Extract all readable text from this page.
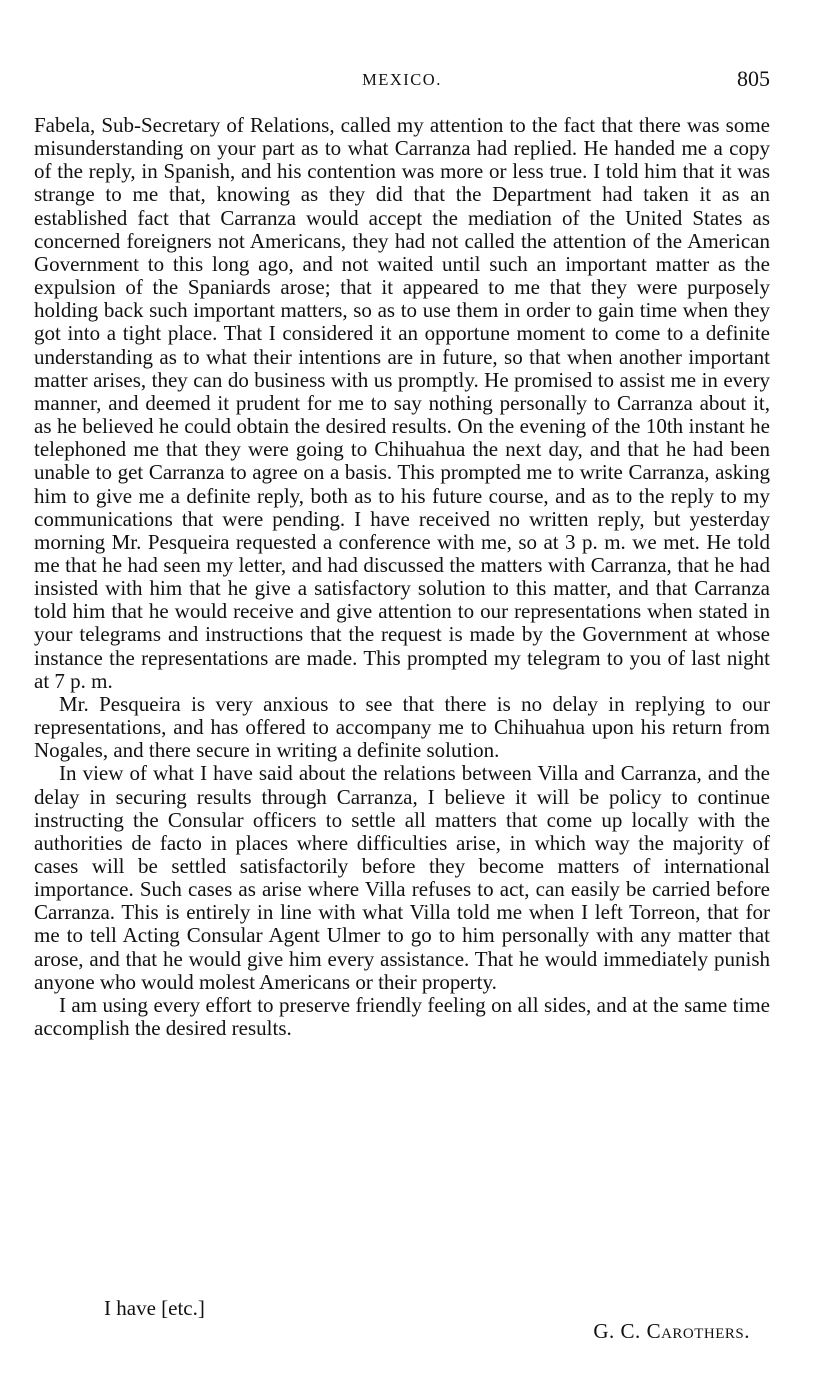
MEXICO.	805

Fabela, Sub-Secretary of Relations, called my attention to the fact that there was some misunderstanding on your part as to what Carranza had replied. He handed me a copy of the reply, in Spanish, and his contention was more or less true. I told him that it was strange to me that, knowing as they did that the Department had taken it as an established fact that Carranza would accept the mediation of the United States as concerned foreigners not Americans, they had not called the attention of the American Government to this long ago, and not waited until such an important matter as the expulsion of the Spaniards arose; that it appeared to me that they were purposely holding back such important matters, so as to use them in order to gain time when they got into a tight place. That I considered it an opportune moment to come to a definite understanding as to what their intentions are in future, so that when another important matter arises, they can do business with us promptly. He promised to assist me in every manner, and deemed it prudent for me to say nothing personally to Carranza about it, as he believed he could obtain the desired results. On the evening of the 10th instant he telephoned me that they were going to Chihuahua the next day, and that he had been unable to get Carranza to agree on a basis. This prompted me to write Carranza, asking him to give me a definite reply, both as to his future course, and as to the reply to my communications that were pending. I have received no written reply, but yesterday morning Mr. Pesqueira requested a conference with me, so at 3 p. m. we met. He told me that he had seen my letter, and had discussed the matters with Carranza, that he had insisted with him that he give a satisfactory solution to this matter, and that Carranza told him that he would receive and give attention to our representations when stated in your telegrams and instructions that the request is made by the Government at whose instance the representations are made. This prompted my telegram to you of last night at 7 p. m.

Mr. Pesqueira is very anxious to see that there is no delay in replying to our representations, and has offered to accompany me to Chihuahua upon his return from Nogales, and there secure in writing a definite solution.

In view of what I have said about the relations between Villa and Carranza, and the delay in securing results through Carranza, I believe it will be policy to continue instructing the Consular officers to settle all matters that come up locally with the authorities de facto in places where difficulties arise, in which way the majority of cases will be settled satisfactorily before they become matters of international importance. Such cases as arise where Villa refuses to act, can easily be carried before Carranza. This is entirely in line with what Villa told me when I left Torreon, that for me to tell Acting Consular Agent Ulmer to go to him personally with any matter that arose, and that he would give him every assistance. That he would immediately punish anyone who would molest Americans or their property.

I am using every effort to preserve friendly feeling on all sides, and at the same time accomplish the desired results.

I have [etc.]
G. C. Carothers.
